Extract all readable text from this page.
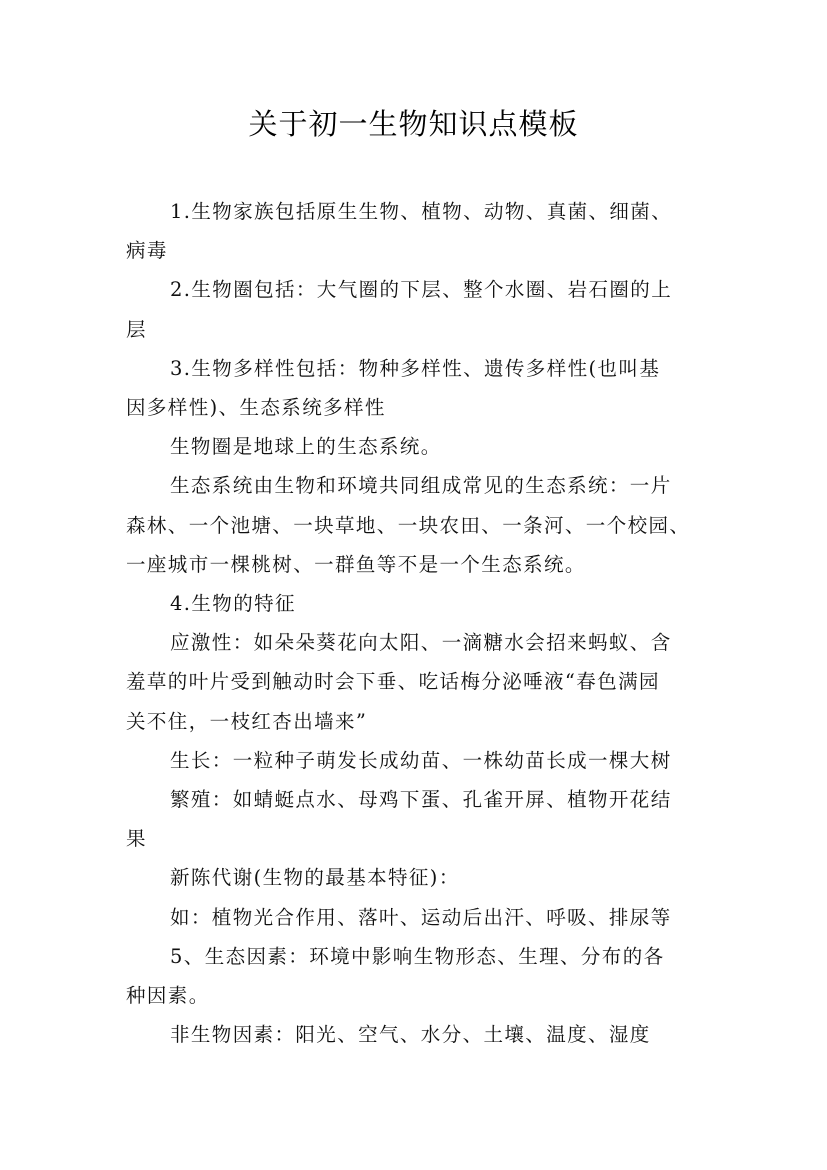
关于初一生物知识点模板

1.生物家族包括原生生物、植物、动物、真菌、细菌、

病毒

2.生物圈包括：大气圈的下层、整个水圈、岩石圈的上

层

3.生物多样性包括：物种多样性、遗传多样性(也叫基

因多样性)、生态系统多样性

生物圈是地球上的生态系统。

生态系统由生物和环境共同组成常见的生态系统：一片

森林、一个池塘、一块草地、一块农田、一条河、一个校园、

一座城市一棵桃树、一群鱼等不是一个生态系统。

4.生物的特征

应激性：如朵朵葵花向太阳、一滴糖水会招来蚂蚁、含

羞草的叶片受到触动时会下垂、吃话梅分泌唾液“春色满园

关不住，一枝红杏出墙来”

生长：一粒种子萌发长成幼苗、一株幼苗长成一棵大树

繁殖：如蜻蜓点水、母鸡下蛋、孔雀开屏、植物开花结

果

新陈代谢(生物的最基本特征)：

如：植物光合作用、落叶、运动后出汗、呼吸、排尿等

5、生态因素：环境中影响生物形态、生理、分布的各

种因素。

非生物因素：阳光、空气、水分、土壤、温度、湿度
